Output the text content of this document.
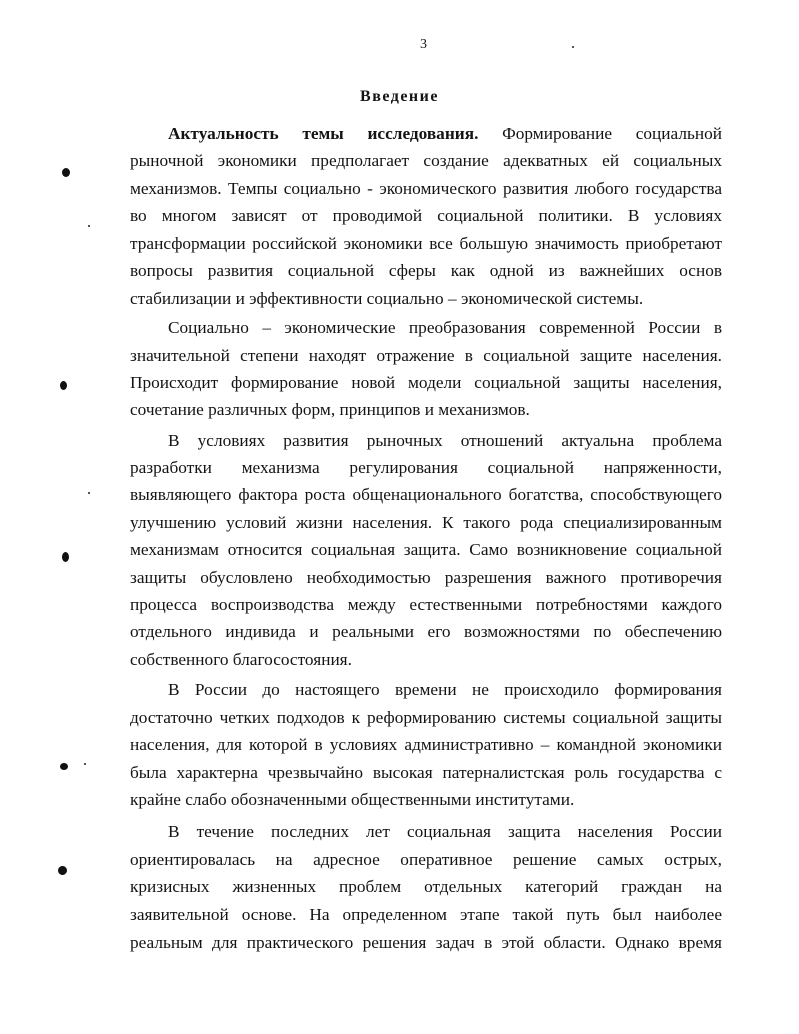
3
Введение
Актуальность темы исследования. Формирование социальной
рыночной экономики предполагает создание адекватных ей социальных
механизмов. Темпы социально - экономического развития любого государства
во многом зависят от проводимой социальной политики. В условиях
трансформации российской экономики все большую значимость приобретают
вопросы развития социальной сферы как одной из важнейших основ
стабилизации и эффективности социально – экономической системы.
Социально – экономические преобразования современной России в
значительной степени находят отражение в социальной защите населения.
Происходит формирование новой модели социальной защиты населения,
сочетание различных форм, принципов и механизмов.
В условиях развития рыночных отношений актуальна проблема
разработки механизма регулирования социальной напряженности,
выявляющего фактора роста общенационального богатства, способствующего
улучшению условий жизни населения. К такого рода специализированным
механизмам относится социальная защита. Само возникновение социальной
защиты обусловлено необходимостью разрешения важного противоречия
процесса воспроизводства между естественными потребностями каждого
отдельного индивида и реальными его возможностями по обеспечению
собственного благосостояния.
В России до настоящего времени не происходило формирования
достаточно четких подходов к реформированию системы социальной защиты
населения, для которой в условиях административно – командной экономики
была характерна чрезвычайно высокая патерналистская роль государства с
крайне слабо обозначенными общественными институтами.
В течение последних лет социальная защита населения России
ориентировалась на адресное оперативное решение самых острых,
кризисных жизненных проблем отдельных категорий граждан на
заявительной основе. На определенном этапе такой путь был наиболее
реальным для практического решения задач в этой области. Однако время
